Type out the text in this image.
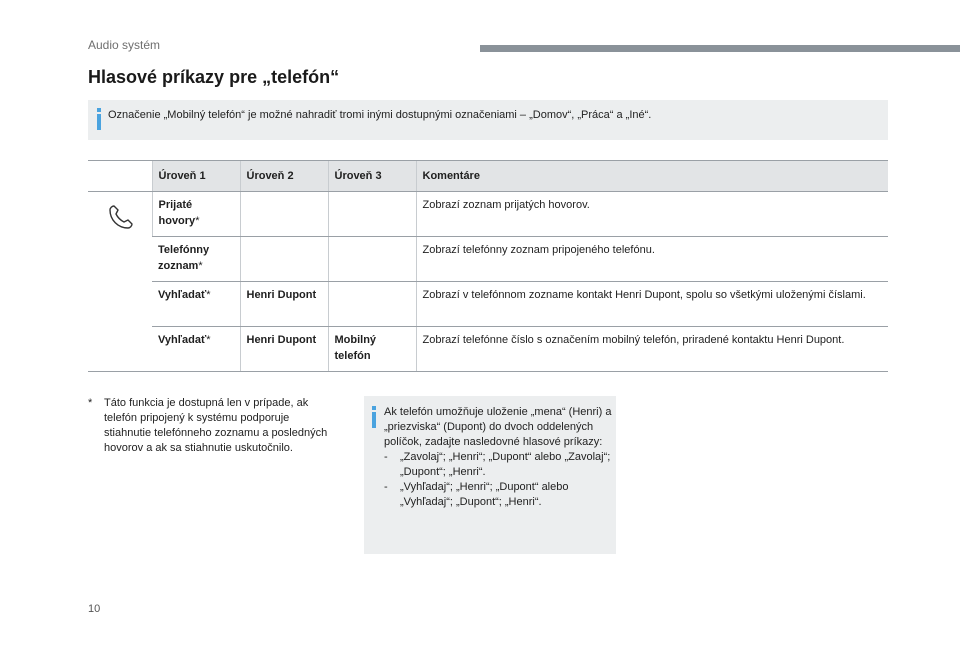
Audio systém
Hlasové príkazy pre „telefón“
Označenie „Mobilný telefón“ je možné nahradiť tromi inými dostupnými označeniami – „Domov“, „Práca“ a „Iné“.
	Úroveň 1	Úroveň 2	Úroveň 3	Komentáre
	Prijaté hovory*			Zobrazí zoznam prijatých hovorov.
	Telefónny zoznam*			Zobrazí telefónny zoznam pripojeného telefónu.
	Vyhľadať*	Henri Dupont		Zobrazí v telefónnom zozname kontakt Henri Dupont, spolu so všetkými uloženými číslami.
	Vyhľadať*	Henri Dupont	Mobilný telefón	Zobrazí telefónne číslo s označením mobilný telefón, priradené kontaktu Henri Dupont.
* Táto funkcia je dostupná len v prípade, ak telefón pripojený k systému podporuje stiahnutie telefónneho zoznamu a posledných hovorov a ak sa stiahnutie uskutočnilo.
Ak telefón umožňuje uloženie „mena“ (Henri) a „priezviska“ (Dupont) do dvoch oddelených políčok, zadajte nasledovné hlasové príkazy:
- „Zavolaj“; „Henri“; „Dupont“ alebo „Zavolaj“; „Dupont“; „Henri“.
- „Vyhľadaj“; „Henri“; „Dupont“ alebo „Vyhľadaj“; „Dupont“; „Henri“.
10
